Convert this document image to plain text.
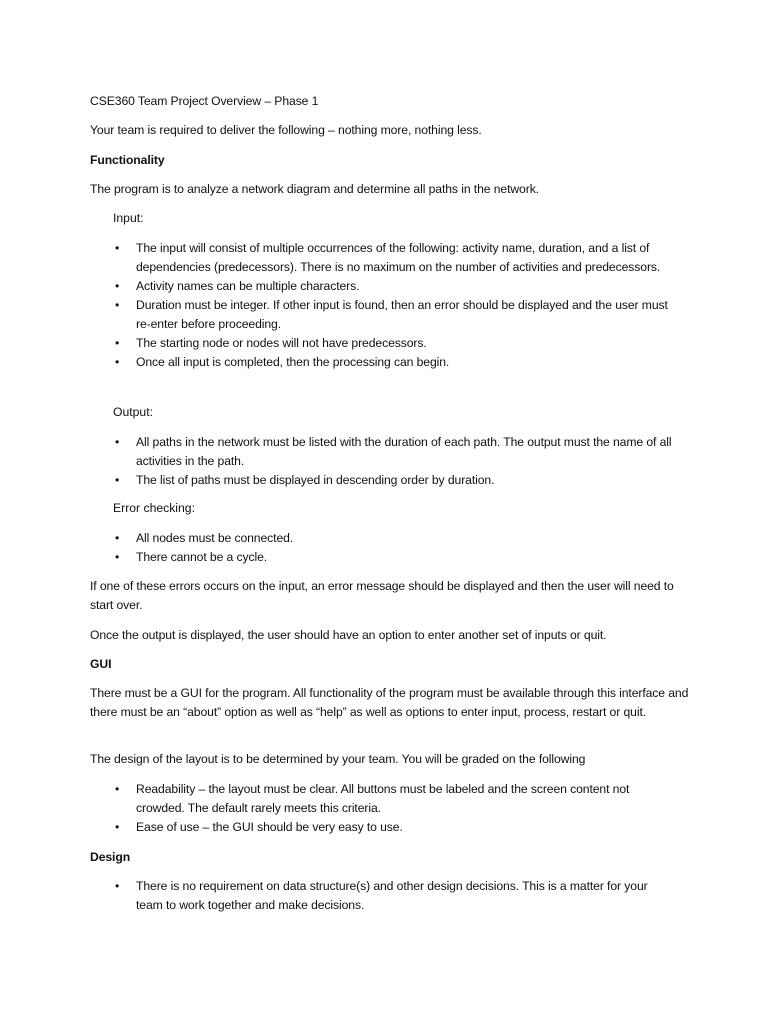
CSE360 Team Project Overview – Phase 1

Your team is required to deliver the following – nothing more, nothing less.

Functionality

The program is to analyze a network diagram and determine all paths in the network.

Input:

• The input will consist of multiple occurrences of the following: activity name, duration, and a list of dependencies (predecessors). There is no maximum on the number of activities and predecessors.
• Activity names can be multiple characters.
• Duration must be integer. If other input is found, then an error should be displayed and the user must re-enter before proceeding.
• The starting node or nodes will not have predecessors.
• Once all input is completed, then the processing can begin.

Output:

• All paths in the network must be listed with the duration of each path. The output must the name of all activities in the path.
• The list of paths must be displayed in descending order by duration.

Error checking:

• All nodes must be connected.
• There cannot be a cycle.

If one of these errors occurs on the input, an error message should be displayed and then the user will need to start over.

Once the output is displayed, the user should have an option to enter another set of inputs or quit.

GUI

There must be a GUI for the program. All functionality of the program must be available through this interface and there must be an “about” option as well as “help” as well as options to enter input, process, restart or quit.

The design of the layout is to be determined by your team. You will be graded on the following

• Readability – the layout must be clear. All buttons must be labeled and the screen content not crowded. The default rarely meets this criteria.
• Ease of use – the GUI should be very easy to use.

Design

• There is no requirement on data structure(s) and other design decisions. This is a matter for your team to work together and make decisions.
